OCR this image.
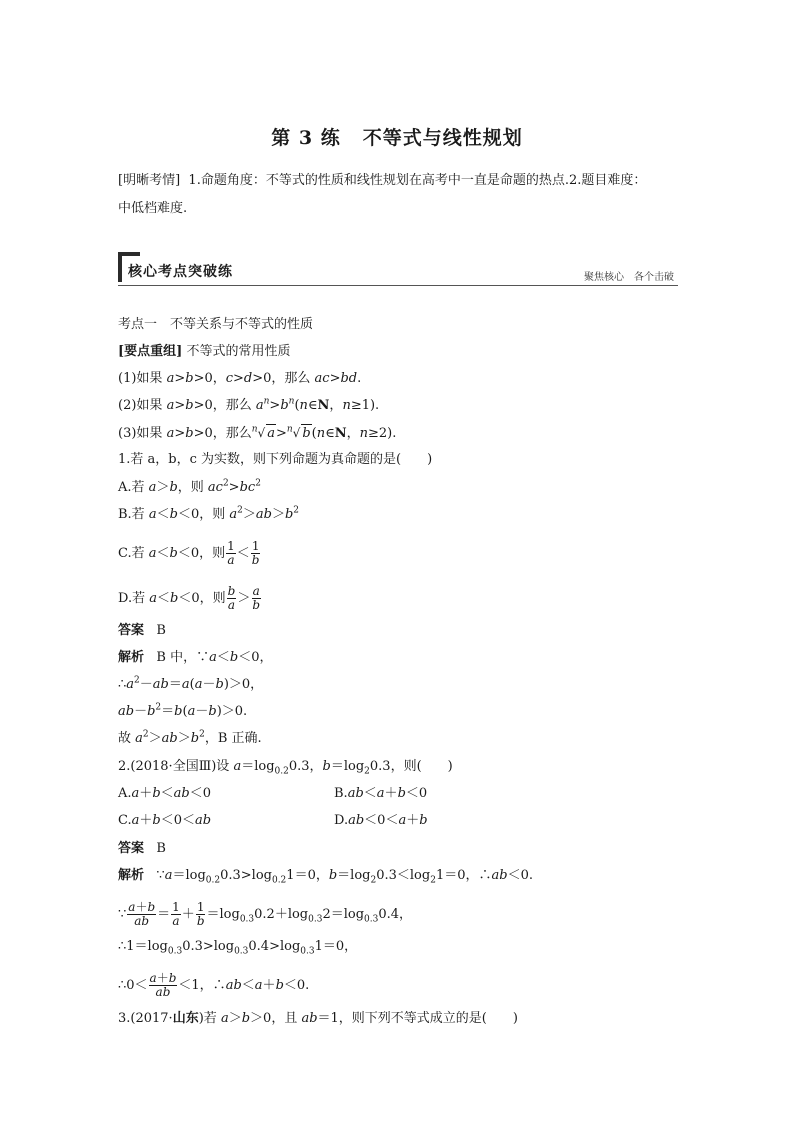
第 3 练 不等式与线性规划
[明晰考情] 1.命题角度：不等式的性质和线性规划在高考中一直是命题的热点.2.题目难度：
中低档难度.
核心考点突破练	聚焦核心　各个击破
考点一　不等关系与不等式的性质
[要点重组] 不等式的常用性质
(1)如果 a>b>0，c>d>0，那么 ac>bd.
(2)如果 a>b>0，那么 $a^n>b^n(n\in N$，n≥1).
(3)如果 a>b>0，那么$^n$√ a>$^n$√ b(n∈N，n≥2).
1.若 a，b，c 为实数，则下列命题为真命题的是(　　)
A.若 a＞b，则 $ac^2>bc^2$
B.若 a＜b＜0，则 $a^2>ab>b^2$
C.若 a＜b＜0，则 $\frac{1}{a} < \frac{1}{b}$
D.若 a＜b＜0，则 $\frac{b}{a} > \frac{a}{b}$
答案 B
解析   B 中，∵a＜b＜0，
$\therefore a^2-ab=a(a-b)>0$，
$ab-b^2=b(a-b)>0$.
故 $a^2>ab>b^2$，B 正确.
2.(2018·全国Ⅲ)设 $a=\log_{0.2}0.3$，$b=\log_20.3$，则(　　)
A.a＋b＜ab＜0	B.ab＜a＋b＜0
C.a＋b＜0＜ab	D.ab＜0＜a＋b
答案 B
解析   $\because a=\log_{0.2}0.3>\log_{0.2}1=0$，$b=\log_20.3<\log_21=0$，∴ab＜0.
∵ $\frac{a+b}{ab} = \frac{1}{a} + \frac{1}{b} =\log_{0.3}0.2+\log_{0.3}2=\log_{0.3}0.4$，
$\therefore 1=\log_{0.3}0.3>\log_{0.3}0.4>\log_{0.3}1=0$，
∴0＜ $\frac{a+b}{ab} <1$，∴ab＜a＋b＜0.
3.(2017·山东)若 a＞b＞0，且 ab＝1，则下列不等式成立的是(　　)
